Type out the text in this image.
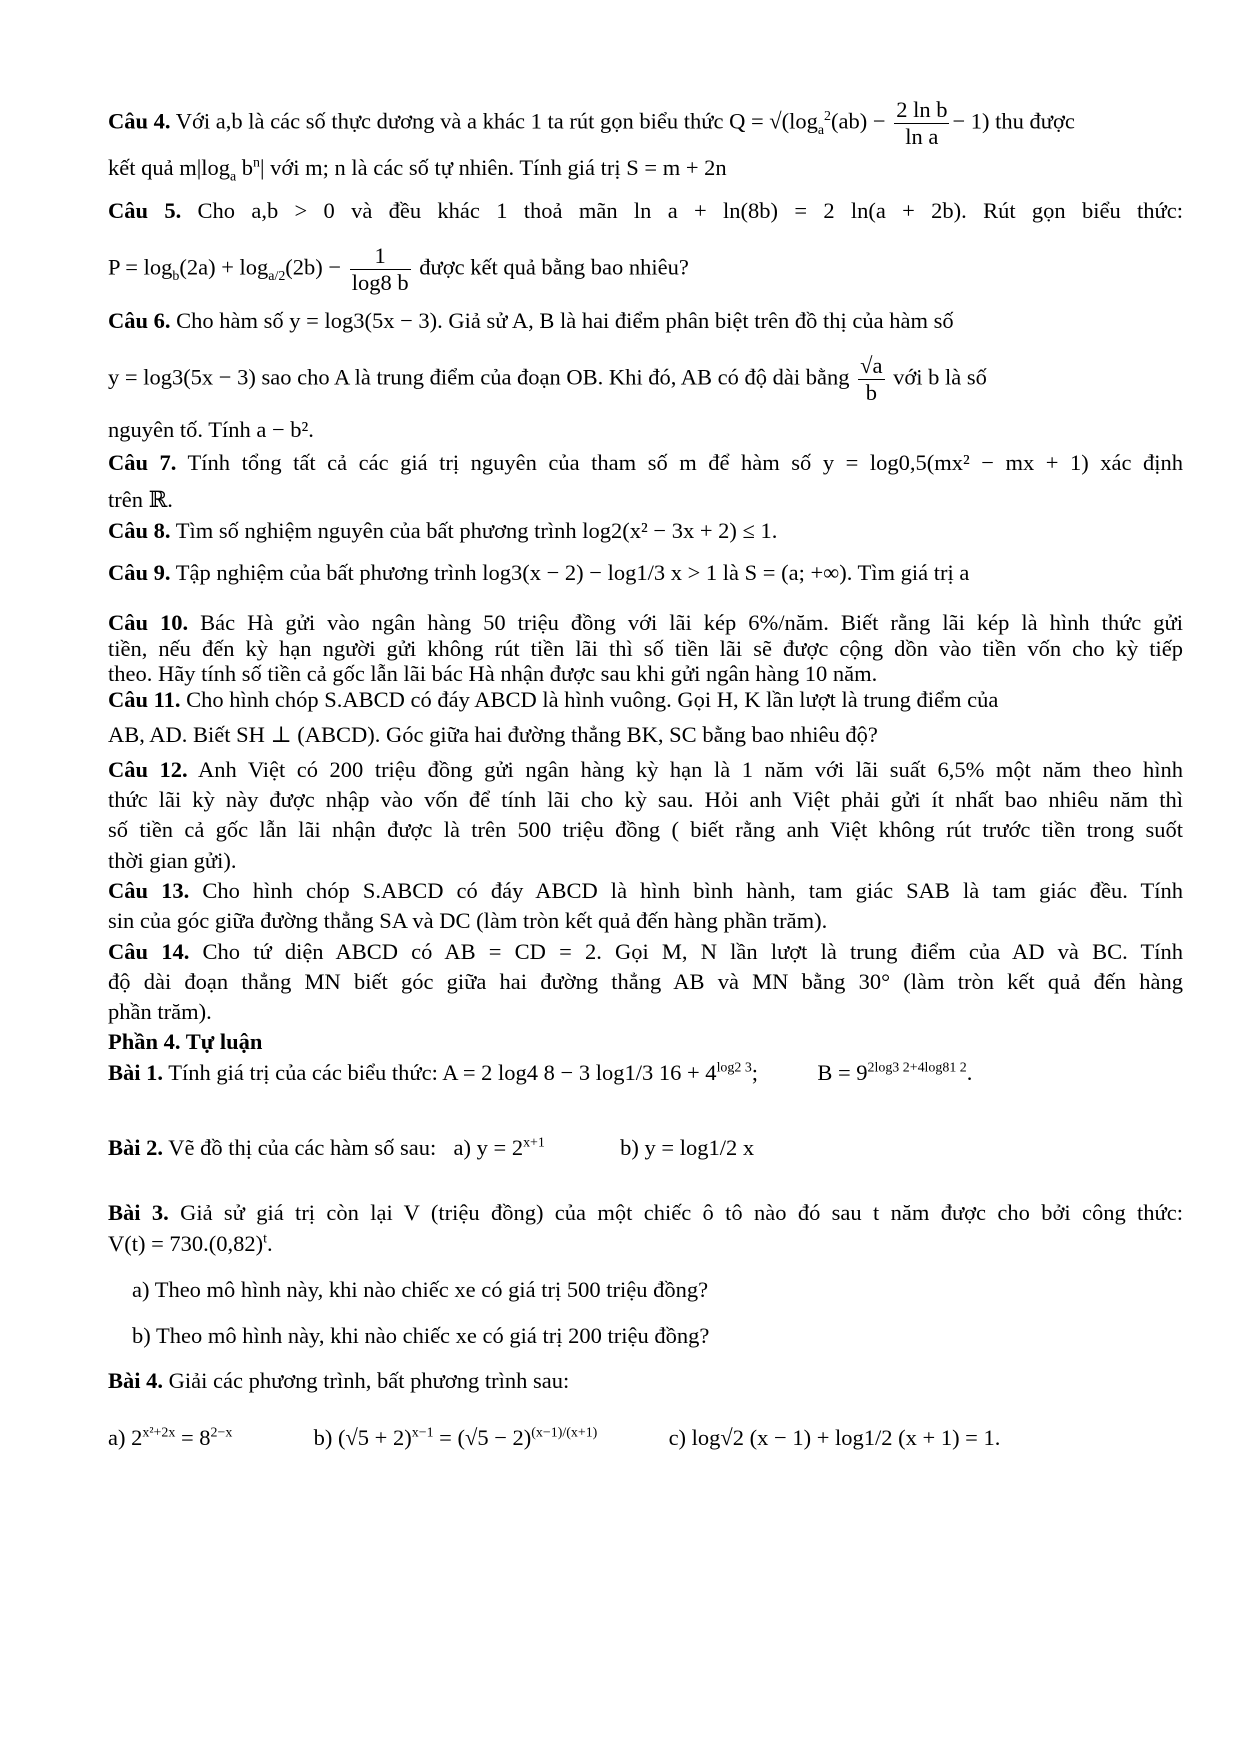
Câu 4. Với a,b là các số thực dương và a khác 1 ta rút gọn biểu thức $Q = √(\log_a^2(ab) - \frac{\text{2 ln b}}{\text{ln a}} - 1)$ thu được
kết quả $m|\log_a$ $b^n|$ với m; n là các số tự nhiên. Tính giá trị S = m + 2n
Câu 5. Cho a,b > 0 và đều khác 1 thoả mãn ln a + ln(8b) = 2 ln(a + 2b). Rút gọn biểu thức:
$P = \log_b(2a) + \log_{a/2}(2b) - \frac{1}{\log 8 b}$ được kết quả bằng bao nhiêu?
Câu 6. Cho hàm số y = log3(5x − 3). Giả sử A, B là hai điểm phân biệt trên đồ thị của hàm số
y = log3(5x − 3) sao cho A là trung điểm của đoạn OB. Khi đó, AB có độ dài bằng $\frac{√a}{b}$ với b là số
nguyên tố. Tính a − b².
Câu 7. Tính tổng tất cả các giá trị nguyên của tham số m để hàm số y = log0,5(mx² − mx + 1) xác định
trên ℝ.
Câu 8. Tìm số nghiệm nguyên của bất phương trình log2(x² − 3x + 2) ≤ 1.
Câu 9. Tập nghiệm của bất phương trình log3(x − 2) − log1/3 x > 1 là S = (a; +∞). Tìm giá trị a
Câu 10. Bác Hà gửi vào ngân hàng 50 triệu đồng với lãi kép 6%/năm. Biết rằng lãi kép là hình thức gửi
tiền, nếu đến kỳ hạn người gửi không rút tiền lãi thì số tiền lãi sẽ được cộng dồn vào tiền vốn cho kỳ tiếp
theo. Hãy tính số tiền cả gốc lẫn lãi bác Hà nhận được sau khi gửi ngân hàng 10 năm.
Câu 11. Cho hình chóp S.ABCD có đáy ABCD là hình vuông. Gọi H, K lần lượt là trung điểm của
AB, AD. Biết SH ⊥ (ABCD). Góc giữa hai đường thẳng BK, SC bằng bao nhiêu độ?
Câu 12. Anh Việt có 200 triệu đồng gửi ngân hàng kỳ hạn là 1 năm với lãi suất 6,5% một năm theo hình
thức lãi kỳ này được nhập vào vốn để tính lãi cho kỳ sau. Hỏi anh Việt phải gửi ít nhất bao nhiêu năm thì
số tiền cả gốc lẫn lãi nhận được là trên 500 triệu đồng ( biết rằng anh Việt không rút trước tiền trong suốt
thời gian gửi).
Câu 13. Cho hình chóp S.ABCD có đáy ABCD là hình bình hành, tam giác SAB là tam giác đều. Tính
sin của góc giữa đường thẳng SA và DC (làm tròn kết quả đến hàng phần trăm).
Câu 14. Cho tứ diện ABCD có AB = CD = 2. Gọi M, N lần lượt là trung điểm của AD và BC. Tính
độ dài đoạn thẳng MN biết góc giữa hai đường thẳng AB và MN bằng 30° (làm tròn kết quả đến hàng
phần trăm).
Phần 4. Tự luận
Bài 1. Tính giá trị của các biểu thức: A = 2 log4 8 − 3 log1/3 $16 + 4^{log2 3}$;	$B = 9^{2log3 2+4log81 2}$.
Bài 2. Vẽ đồ thị của các hàm số sau: a) $y = 2^{x+1}$	b) y = log1/2 x
Bài 3. Giả sử giá trị còn lại V (triệu đồng) của một chiếc ô tô nào đó sau t năm được cho bởi công thức:
$V(t) = 730.(0,82)^t$.
a) Theo mô hình này, khi nào chiếc xe có giá trị 500 triệu đồng?
b) Theo mô hình này, khi nào chiếc xe có giá trị 200 triệu đồng?
Bài 4. Giải các phương trình, bất phương trình sau:
a) $2^{x^2+2x} = 8^{2-x}$	b) $(√5 + 2)^{x-1} = (√5 - 2)^{(x-1)/(x+1)}$	c) log√2 (x − 1) + log1/2 (x + 1) = 1.
